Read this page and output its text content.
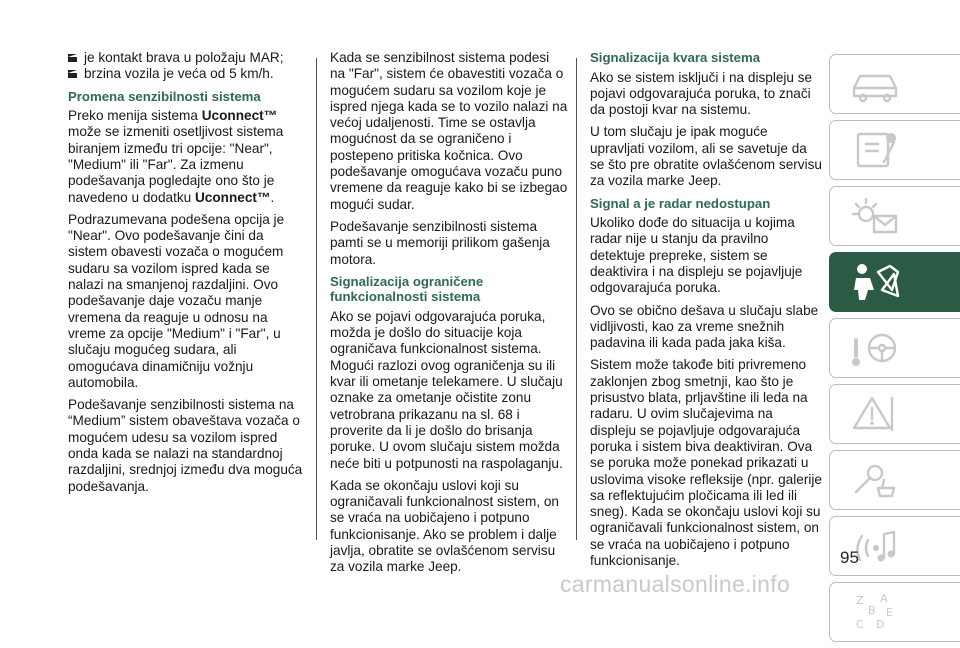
je kontakt brava u položaju MAR;
brzina vozila je veća od 5 km/h.
Promena senzibilnosti sistema

Preko menija sistema Uconnect™ može se izmeniti osetljivost sistema biranjem između tri opcije: "Near", "Medium" ili "Far". Za izmenu podešavanja pogledajte ono što je navedeno u dodatku Uconnect™.

Podrazumevana podešena opcija je "Near". Ovo podešavanje čini da sistem obavesti vozača o mogućem sudaru sa vozilom ispred kada se nalazi na smanjenoj razdaljini. Ovo podešavanje daje vozaču manje vremena da reaguje u odnosu na vreme za opcije "Medium" i "Far", u slučaju mogućeg sudara, ali omogućava dinamičniju vožnju automobila.

Podešavanje senzibilnosti sistema na “Medium” sistem obaveštava vozača o mogućem udesu sa vozilom ispred onda kada se nalazi na standardnoj razdaljini, srednjoj između dva moguća podešavanja.

Kada se senzibilnost sistema podesi na "Far", sistem će obavestiti vozača o mogućem sudaru sa vozilom koje je ispred njega kada se to vozilo nalazi na većoj udaljenosti. Time se ostavlja mogućnost da se ograničeno i postepeno pritiska kočnica. Ovo podešavanje omogućava vozaču puno vremene da reaguje kako bi se izbegao mogući sudar.

Podešavanje senzibilnosti sistema pamti se u memoriji prilikom gašenja motora.

Signalizacija ograničene funkcionalnosti sistema

Ako se pojavi odgovarajuća poruka, možda je došlo do situacije koja ograničava funkcionalnost sistema. Mogući razlozi ovog ograničenja su ili kvar ili ometanje telekamere. U slučaju oznake za ometanje očistite zonu vetrobrana prikazanu na sl. 68 i proverite da li je došlo do brisanja poruke. U ovom slučaju sistem možda neće biti u potpunosti na raspolaganju.

Kada se okončaju uslovi koji su ograničavali funkcionalnost sistem, on se vraća na uobičajeno i potpuno funkcionisanje. Ako se problem i dalje javlja, obratite se ovlašćenom servisu za vozila marke Jeep.

Signalizacija kvara sistema

Ako se sistem isključi i na displeju se pojavi odgovarajuća poruka, to znači da postoji kvar na sistemu.

U tom slučaju je ipak moguće upravljati vozilom, ali se savetuje da se što pre obratite ovlašćenom servisu za vozila marke Jeep.

Signal a je radar nedostupan

Ukoliko dođe do situacija u kojima radar nije u stanju da pravilno detektuje prepreke, sistem se deaktivira i na displeju se pojavljuje odgovarajuća poruka.

Ovo se obično dešava u slučaju slabe vidljivosti, kao za vreme snežnih padavina ili kada pada jaka kiša.

Sistem može takođe biti privremeno zaklonjen zbog smetnji, kao što je prisustvo blata, prljavštine ili leda na radaru. U ovim slučajevima na displeju se pojavljuje odgovarajuća poruka i sistem biva deaktiviran. Ova se poruka može ponekad prikazati u uslovima visoke refleksije (npr. galerije sa reflektujućim pločicama ili led ili sneg). Kada se okončaju uslovi koji su ograničavali funkcionalnost sistem, on se vraća na uobičajeno i potpuno funkcionisanje.

Z A
B E
C D
95
carmanualsonline.info
